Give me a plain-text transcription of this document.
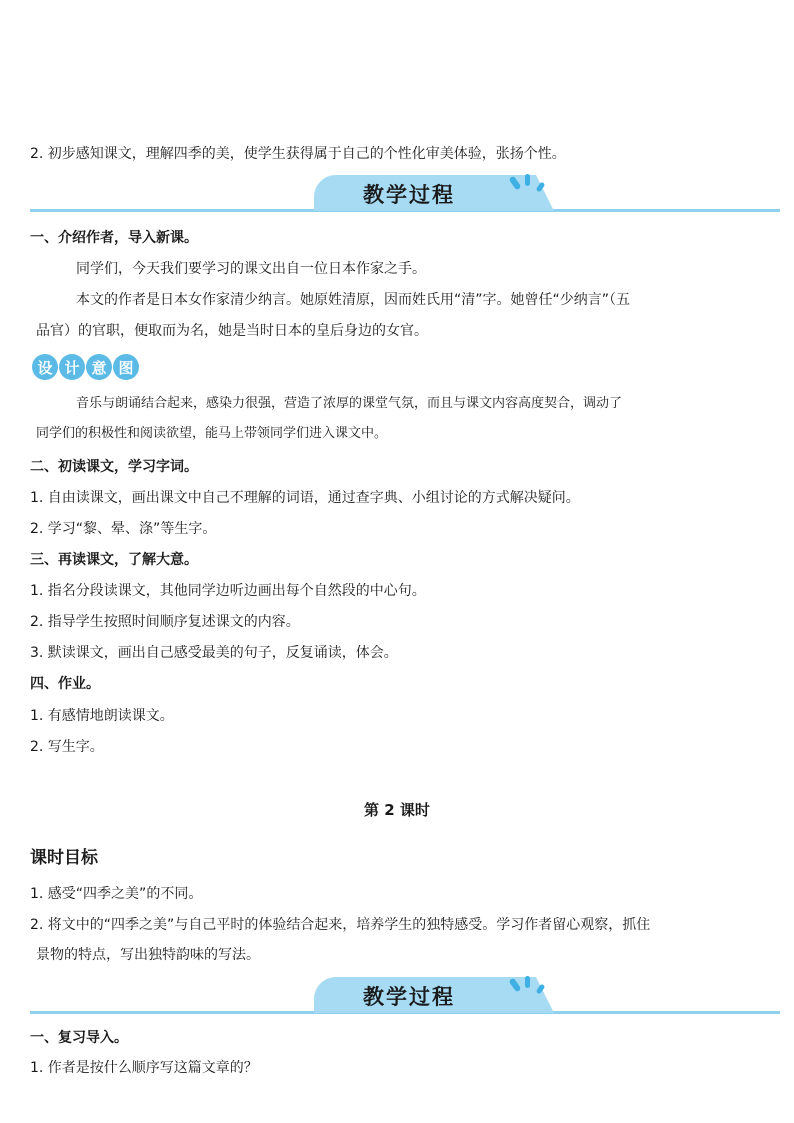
2. 初步感知课文，理解四季的美，使学生获得属于自己的个性化审美体验，张扬个性。
教学过程
一、介绍作者，导入新课。
同学们，今天我们要学习的课文出自一位日本作家之手。
本文的作者是日本女作家清少纳言。她原姓清原，因而姓氏用“清”字。她曾任“少纳言”（五
品官）的官职，便取而为名，她是当时日本的皇后身边的女官。
设 计 意 图
音乐与朗诵结合起来，感染力很强，营造了浓厚的课堂气氛，而且与课文内容高度契合，调动了
同学们的积极性和阅读欲望，能马上带领同学们进入课文中。
二、初读课文，学习字词。
1. 自由读课文，画出课文中自己不理解的词语，通过查字典、小组讨论的方式解决疑问。
2. 学习“黎、晕、涤”等生字。
三、再读课文，了解大意。
1. 指名分段读课文，其他同学边听边画出每个自然段的中心句。
2. 指导学生按照时间顺序复述课文的内容。
3. 默读课文，画出自己感受最美的句子，反复诵读，体会。
四、作业。
1. 有感情地朗读课文。
2. 写生字。
第 2 课时
课时目标
1. 感受“四季之美”的不同。
2. 将文中的“四季之美”与自己平时的体验结合起来，培养学生的独特感受。学习作者留心观察，抓住
景物的特点，写出独特韵味的写法。
教学过程
一、复习导入。
1. 作者是按什么顺序写这篇文章的？
